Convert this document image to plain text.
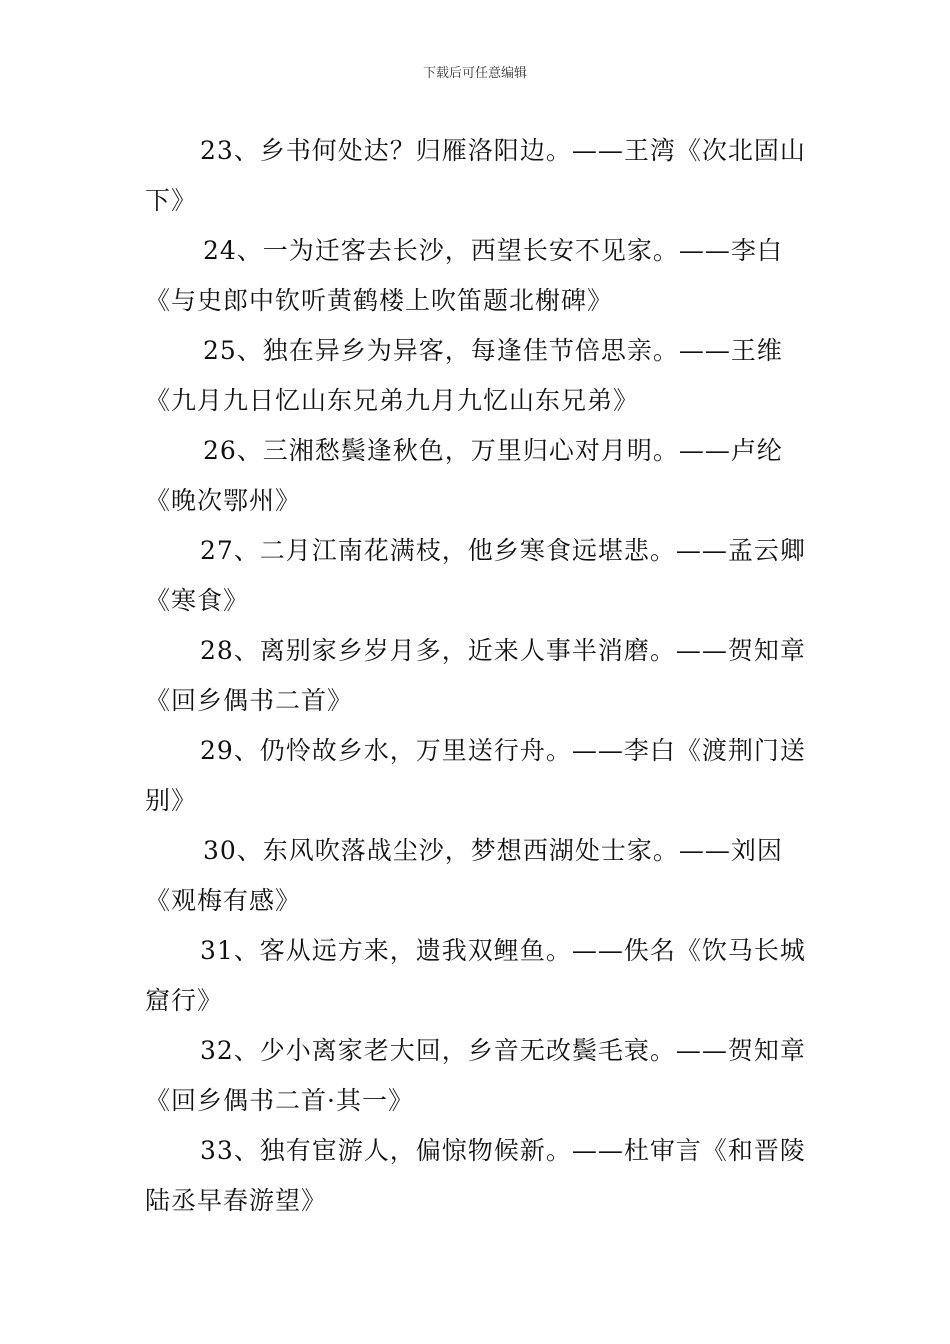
下载后可任意编辑
23、乡书何处达？归雁洛阳边。——王湾《次北固山
下》
24、一为迁客去长沙，西望长安不见家。——李白
《与史郎中钦听黄鹤楼上吹笛题北榭碑》
25、独在异乡为异客，每逢佳节倍思亲。——王维
《九月九日忆山东兄弟九月九忆山东兄弟》
26、三湘愁鬓逢秋色，万里归心对月明。——卢纶
《晚次鄂州》
27、二月江南花满枝，他乡寒食远堪悲。——孟云卿
《寒食》
28、离别家乡岁月多，近来人事半消磨。——贺知章
《回乡偶书二首》
29、仍怜故乡水，万里送行舟。——李白《渡荆门送
别》
30、东风吹落战尘沙，梦想西湖处士家。——刘因
《观梅有感》
31、客从远方来，遗我双鲤鱼。——佚名《饮马长城
窟行》
32、少小离家老大回，乡音无改鬓毛衰。——贺知章
《回乡偶书二首·其一》
33、独有宦游人，偏惊物候新。——杜审言《和晋陵
陆丞早春游望》
